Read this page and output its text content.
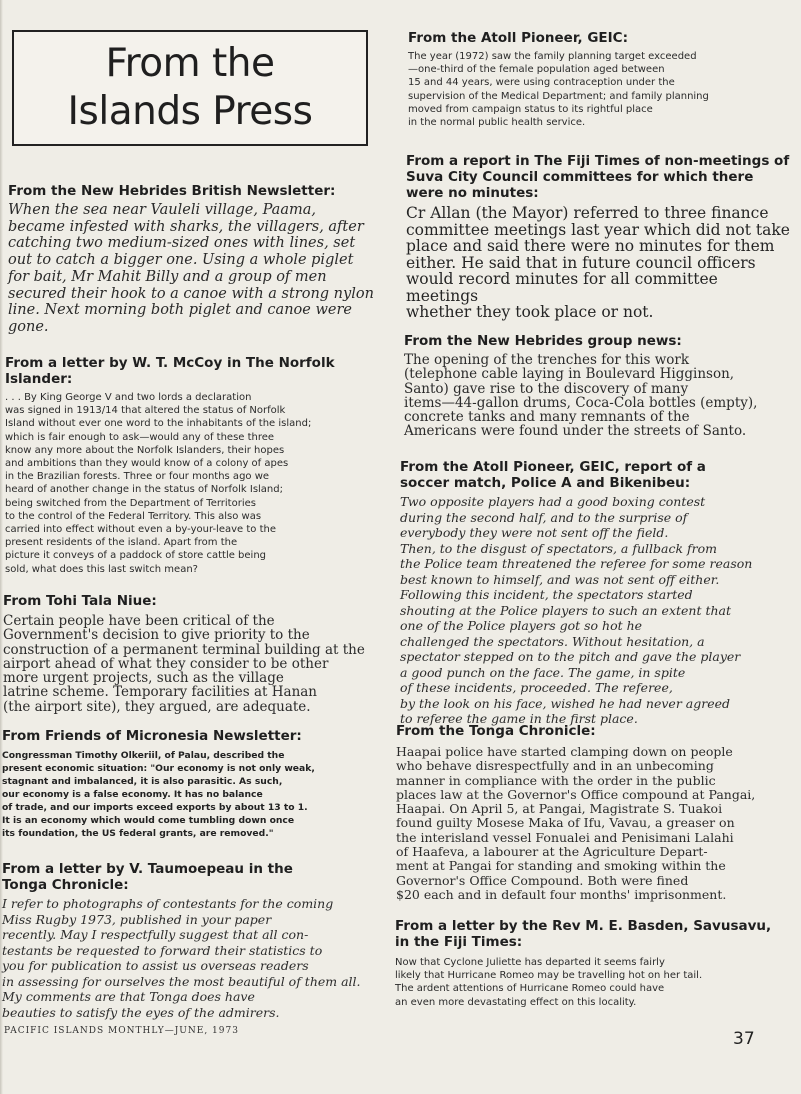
From the
Islands Press
From the New Hebrides British Newsletter:
When the sea near Vauleli village, Paama,
became infested with sharks, the villagers, after
catching two medium-sized ones with lines, set
out to catch a bigger one. Using a whole piglet
for bait, Mr Mahit Billy and a group of men
secured their hook to a canoe with a strong nylon
line. Next morning both piglet and canoe were
gone.
From a letter by W. T. McCoy in The Norfolk
Islander:
. . . By King George V and two lords a declaration
was signed in 1913/14 that altered the status of Norfolk
Island without ever one word to the inhabitants of the island;
which is fair enough to ask—would any of these three
know any more about the Norfolk Islanders, their hopes
and ambitions than they would know of a colony of apes
in the Brazilian forests. Three or four months ago we
heard of another change in the status of Norfolk Island;
being switched from the Department of Territories
to the control of the Federal Territory. This also was
carried into effect without even a by-your-leave to the
present residents of the island. Apart from the
picture it conveys of a paddock of store cattle being
sold, what does this last switch mean?
From Tohi Tala Niue:
Certain people have been critical of the
Government's decision to give priority to the
construction of a permanent terminal building at the
airport ahead of what they consider to be other
more urgent projects, such as the village
latrine scheme. Temporary facilities at Hanan
(the airport site), they argued, are adequate.
From Friends of Micronesia Newsletter:
Congressman Timothy Olkeriil, of Palau, described the
present economic situation: "Our economy is not only weak,
stagnant and imbalanced, it is also parasitic. As such,
our economy is a false economy. It has no balance
of trade, and our imports exceed exports by about 13 to 1.
It is an economy which would come tumbling down once
its foundation, the US federal grants, are removed."
From a letter by V. Taumoepeau in the
Tonga Chronicle:
I refer to photographs of contestants for the coming
Miss Rugby 1973, published in your paper
recently. May I respectfully suggest that all con-
testants be requested to forward their statistics to
you for publication to assist us overseas readers
in assessing for ourselves the most beautiful of them all.
My comments are that Tonga does have
beauties to satisfy the eyes of the admirers.
From the Atoll Pioneer, GEIC:
The year (1972) saw the family planning target exceeded
—one-third of the female population aged between
15 and 44 years, were using contraception under the
supervision of the Medical Department; and family planning
moved from campaign status to its rightful place
in the normal public health service.
From a report in The Fiji Times of non-meetings of
Suva City Council committees for which there
were no minutes:
Cr Allan (the Mayor) referred to three finance
committee meetings last year which did not take
place and said there were no minutes for them
either. He said that in future council officers
would record minutes for all committee meetings
whether they took place or not.
From the New Hebrides group news:
The opening of the trenches for this work
(telephone cable laying in Boulevard Higginson,
Santo) gave rise to the discovery of many
items—44-gallon drums, Coca-Cola bottles (empty),
concrete tanks and many remnants of the
Americans were found under the streets of Santo.
From the Atoll Pioneer, GEIC, report of a
soccer match, Police A and Bikenibeu:
Two opposite players had a good boxing contest
during the second half, and to the surprise of
everybody they were not sent off the field.
Then, to the disgust of spectators, a fullback from
the Police team threatened the referee for some reason
best known to himself, and was not sent off either.
Following this incident, the spectators started
shouting at the Police players to such an extent that
one of the Police players got so hot he
challenged the spectators. Without hesitation, a
spectator stepped on to the pitch and gave the player
a good punch on the face. The game, in spite
of these incidents, proceeded. The referee,
by the look on his face, wished he had never agreed
to referee the game in the first place.
From the Tonga Chronicle:
Haapai police have started clamping down on people
who behave disrespectfully and in an unbecoming
manner in compliance with the order in the public
places law at the Governor's Office compound at Pangai,
Haapai. On April 5, at Pangai, Magistrate S. Tuakoi
found guilty Mosese Maka of Ifu, Vavau, a greaser on
the interisland vessel Fonualei and Penisimani Lalahi
of Haafeva, a labourer at the Agriculture Depart-
ment at Pangai for standing and smoking within the
Governor's Office Compound. Both were fined
$20 each and in default four months' imprisonment.
From a letter by the Rev M. E. Basden, Savusavu,
in the Fiji Times:
Now that Cyclone Juliette has departed it seems fairly
likely that Hurricane Romeo may be travelling hot on her tail.
The ardent attentions of Hurricane Romeo could have
an even more devastating effect on this locality.
PACIFIC ISLANDS MONTHLY—JUNE, 1973	37
